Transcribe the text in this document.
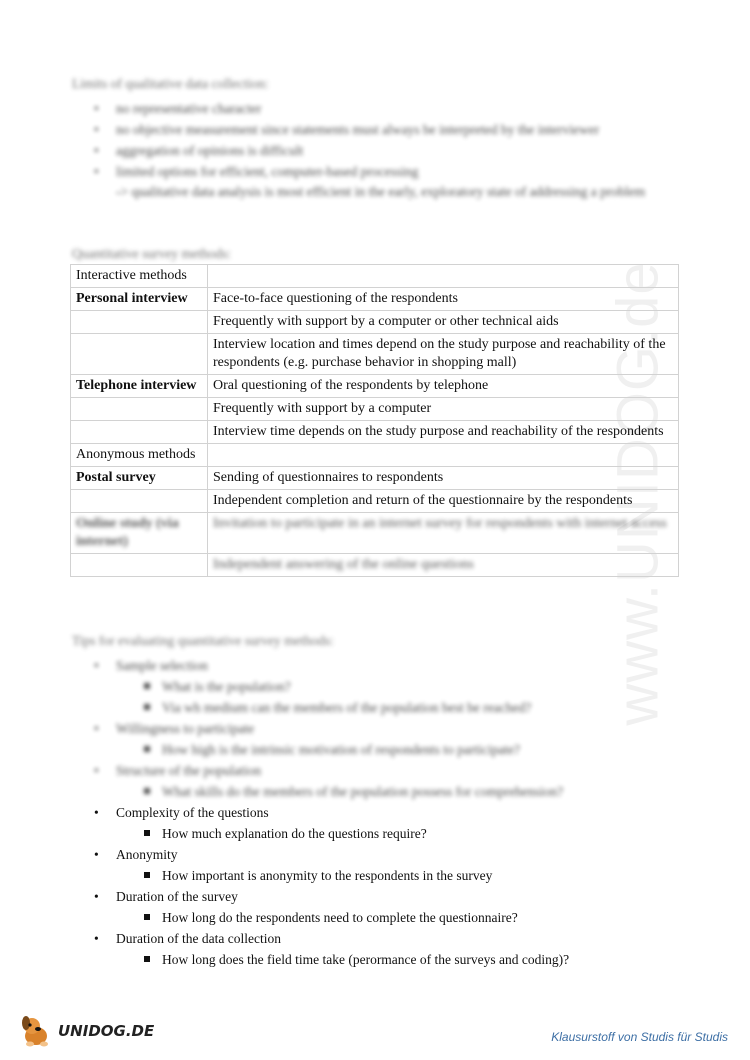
www.UNIDOG.de
Limits of qualitative data collection:
• no representative character
• no objective measurement since statements must always be interpreted by the interviewer
• aggregation of opinions is difficult
• limited options for efficient, computer-based processing
-> qualitative data analysis is most efficient in the early, exploratory state of addressing a problem
Quantitative survey methods:
Interactive methods	
Personal interview	Face-to-face questioning of the respondents
	Frequently with support by a computer or other technical aids
	Interview location and times depend on the study purpose and reachability of the respondents (e.g. purchase behavior in shopping mall)
Telephone interview	Oral questioning of the respondents by telephone
	Frequently with support by a computer
	Interview time depends on the study purpose and reachability of the respondents
Anonymous methods	
Postal survey	Sending of questionnaires to respondents
	Independent completion and return of the questionnaire by the respondents
Online study (via internet)	Invitation to participate in an internet survey for respondents with internet access
	Independent answering of the online questions
Tips for evaluating quantitative survey methods:
• Sample selection
What is the population?
Via wh medium can the members of the population best be reached?
• Willingness to participate
How high is the intrinsic motivation of respondents to participate?
• Structure of the population
What skills do the members of the population possess for comprehension?
• Complexity of the questions
How much explanation do the questions require?
• Anonymity
How important is anonymity to the respondents in the survey
• Duration of the survey
How long do the respondents need to complete the questionnaire?
• Duration of the data collection
How long does the field time take (perormance of the surveys and coding)?
UNIDOG.DE	Klausurstoff von Studis für Studis
